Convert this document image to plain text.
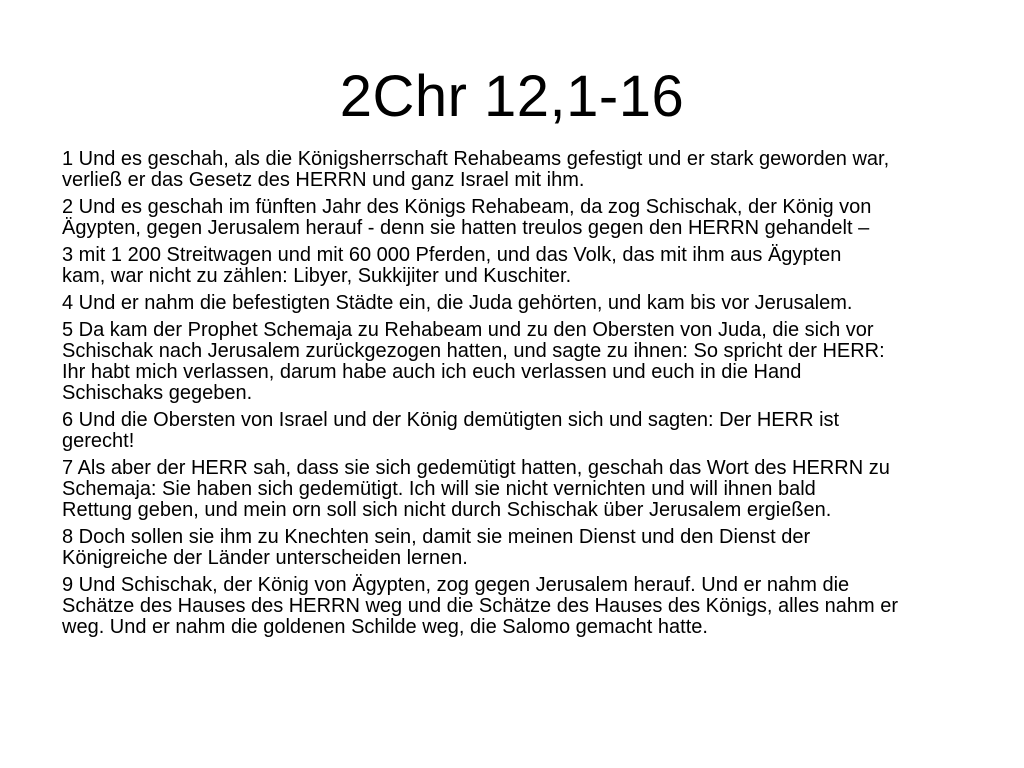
2Chr 12,1-16
1 Und es geschah, als die Königsherrschaft Rehabeams gefestigt und er stark geworden war,
verließ er das Gesetz des HERRN und ganz Israel mit ihm.
2 Und es geschah im fünften Jahr des Königs Rehabeam, da zog Schischak, der König von
Ägypten, gegen Jerusalem herauf - denn sie hatten treulos gegen den HERRN gehandelt –
3 mit 1 200 Streitwagen und mit 60 000 Pferden, und das Volk, das mit ihm aus Ägypten
kam, war nicht zu zählen: Libyer, Sukkijiter und Kuschiter.
4 Und er nahm die befestigten Städte ein, die Juda gehörten, und kam bis vor Jerusalem.
5 Da kam der Prophet Schemaja zu Rehabeam und zu den Obersten von Juda, die sich vor
Schischak nach Jerusalem zurückgezogen hatten, und sagte zu ihnen: So spricht der HERR:
Ihr habt mich verlassen, darum habe auch ich euch verlassen und euch in die Hand
Schischaks gegeben.
6 Und die Obersten von Israel und der König demütigten sich und sagten: Der HERR ist
gerecht!
7 Als aber der HERR sah, dass sie sich gedemütigt hatten, geschah das Wort des HERRN zu
Schemaja: Sie haben sich gedemütigt. Ich will sie nicht vernichten und will ihnen bald
Rettung geben, und mein orn soll sich nicht durch Schischak über Jerusalem ergießen.
8 Doch sollen sie ihm zu Knechten sein, damit sie meinen Dienst und den Dienst der
Königreiche der Länder unterscheiden lernen.
9 Und Schischak, der König von Ägypten, zog gegen Jerusalem herauf. Und er nahm die
Schätze des Hauses des HERRN weg und die Schätze des Hauses des Königs, alles nahm er
weg. Und er nahm die goldenen Schilde weg, die Salomo gemacht hatte.
